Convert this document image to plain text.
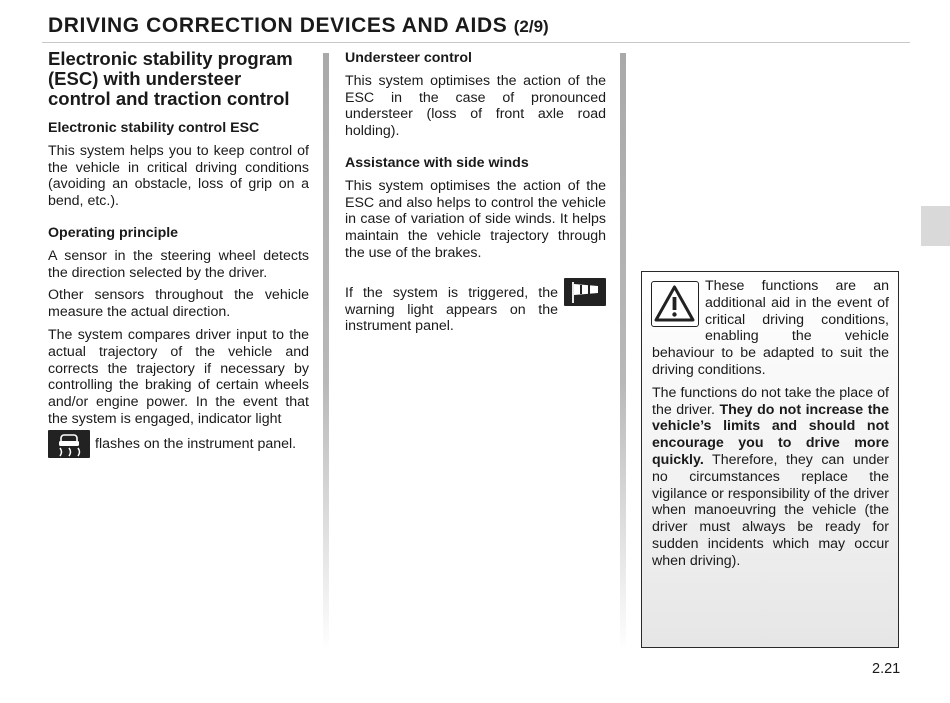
DRIVING CORRECTION DEVICES AND AIDS (2/9)
Electronic stability program (ESC) with understeer control and traction control

Electronic stability control ESC

This system helps you to keep control of the vehicle in critical driving conditions (avoiding an obstacle, loss of grip on a bend, etc.).

Operating principle

A sensor in the steering wheel detects the direction selected by the driver.

Other sensors throughout the vehicle measure the actual direction.

The system compares driver input to the actual trajectory of the vehicle and corrects the trajectory if necessary by controlling the braking of certain wheels and/or engine power. In the event that the system is engaged, indicator light

flashes on the instrument panel.

Understeer control

This system optimises the action of the ESC in the case of pronounced understeer (loss of front axle road holding).

Assistance with side winds

This system optimises the action of the ESC and also helps to control the vehicle in case of variation of side winds. It helps maintain the vehicle trajectory through the use of the brakes.

If the system is triggered, the warning light appears on the instrument panel.

These functions are an additional aid in the event of critical driving conditions, enabling the vehicle behaviour to be adapted to suit the driving conditions.

The functions do not take the place of the driver. They do not increase the vehicle’s limits and should not encourage you to drive more quickly. Therefore, they can under no circumstances replace the vigilance or responsibility of the driver when manoeuvring the vehicle (the driver must always be ready for sudden incidents which may occur when driving).

2.21
